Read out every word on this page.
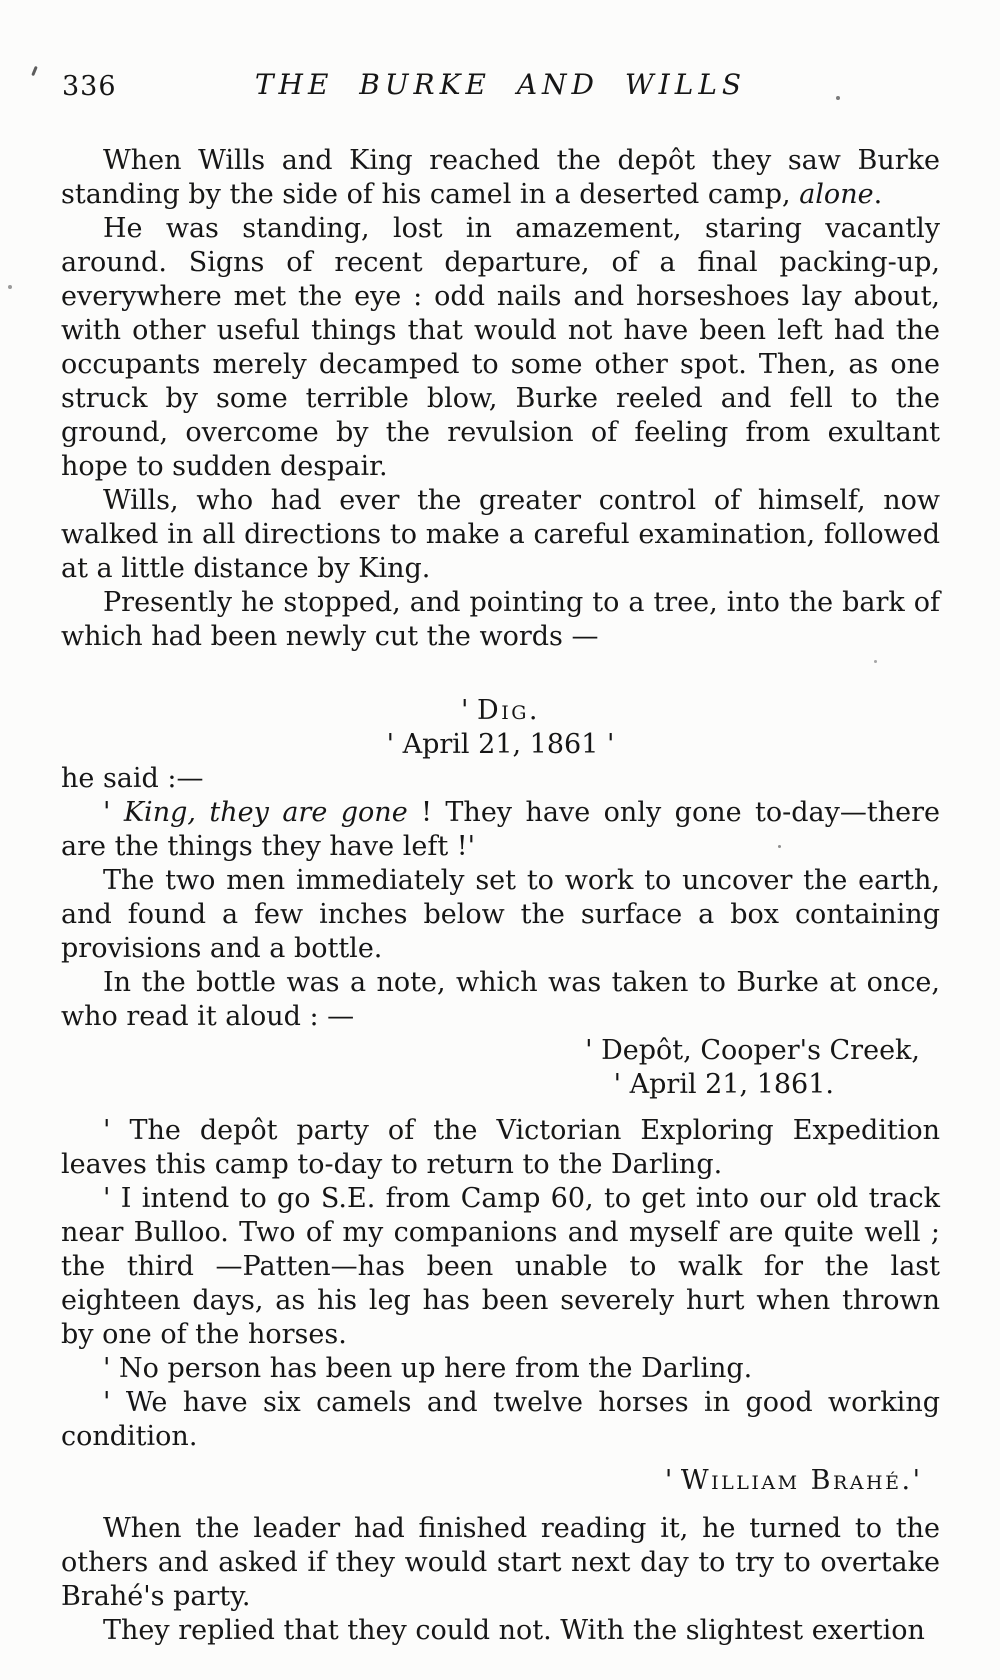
336	THE BURKE AND WILLS

When Wills and King reached the depôt they saw Burke standing by the side of his camel in a deserted camp, alone.

He was standing, lost in amazement, staring vacantly around. Signs of recent departure, of a final packing-up, everywhere met the eye : odd nails and horseshoes lay about, with other useful things that would not have been left had the occupants merely decamped to some other spot. Then, as one struck by some terrible blow, Burke reeled and fell to the ground, overcome by the revulsion of feeling from exultant hope to sudden despair.

Wills, who had ever the greater control of himself, now walked in all directions to make a careful examination, followed at a little distance by King.

Presently he stopped, and pointing to a tree, into the bark of which had been newly cut the words —

' Dig.

' April 21, 1861 '

he said :—

' King, they are gone ! They have only gone to-day—there are the things they have left !'

The two men immediately set to work to uncover the earth, and found a few inches below the surface a box containing provisions and a bottle.

In the bottle was a note, which was taken to Burke at once, who read it aloud : —

' Depôt, Cooper's Creek,

' April 21, 1861.

' The depôt party of the Victorian Exploring Expedition leaves this camp to-day to return to the Darling.

' I intend to go S.E. from Camp 60, to get into our old track near Bulloo. Two of my companions and myself are quite well ; the third —Patten—has been unable to walk for the last eighteen days, as his leg has been severely hurt when thrown by one of the horses.

' No person has been up here from the Darling.

' We have six camels and twelve horses in good working condition.

' William Brahé.'

When the leader had finished reading it, he turned to the others and asked if they would start next day to try to overtake Brahé's party.

They replied that they could not. With the slightest exertion
